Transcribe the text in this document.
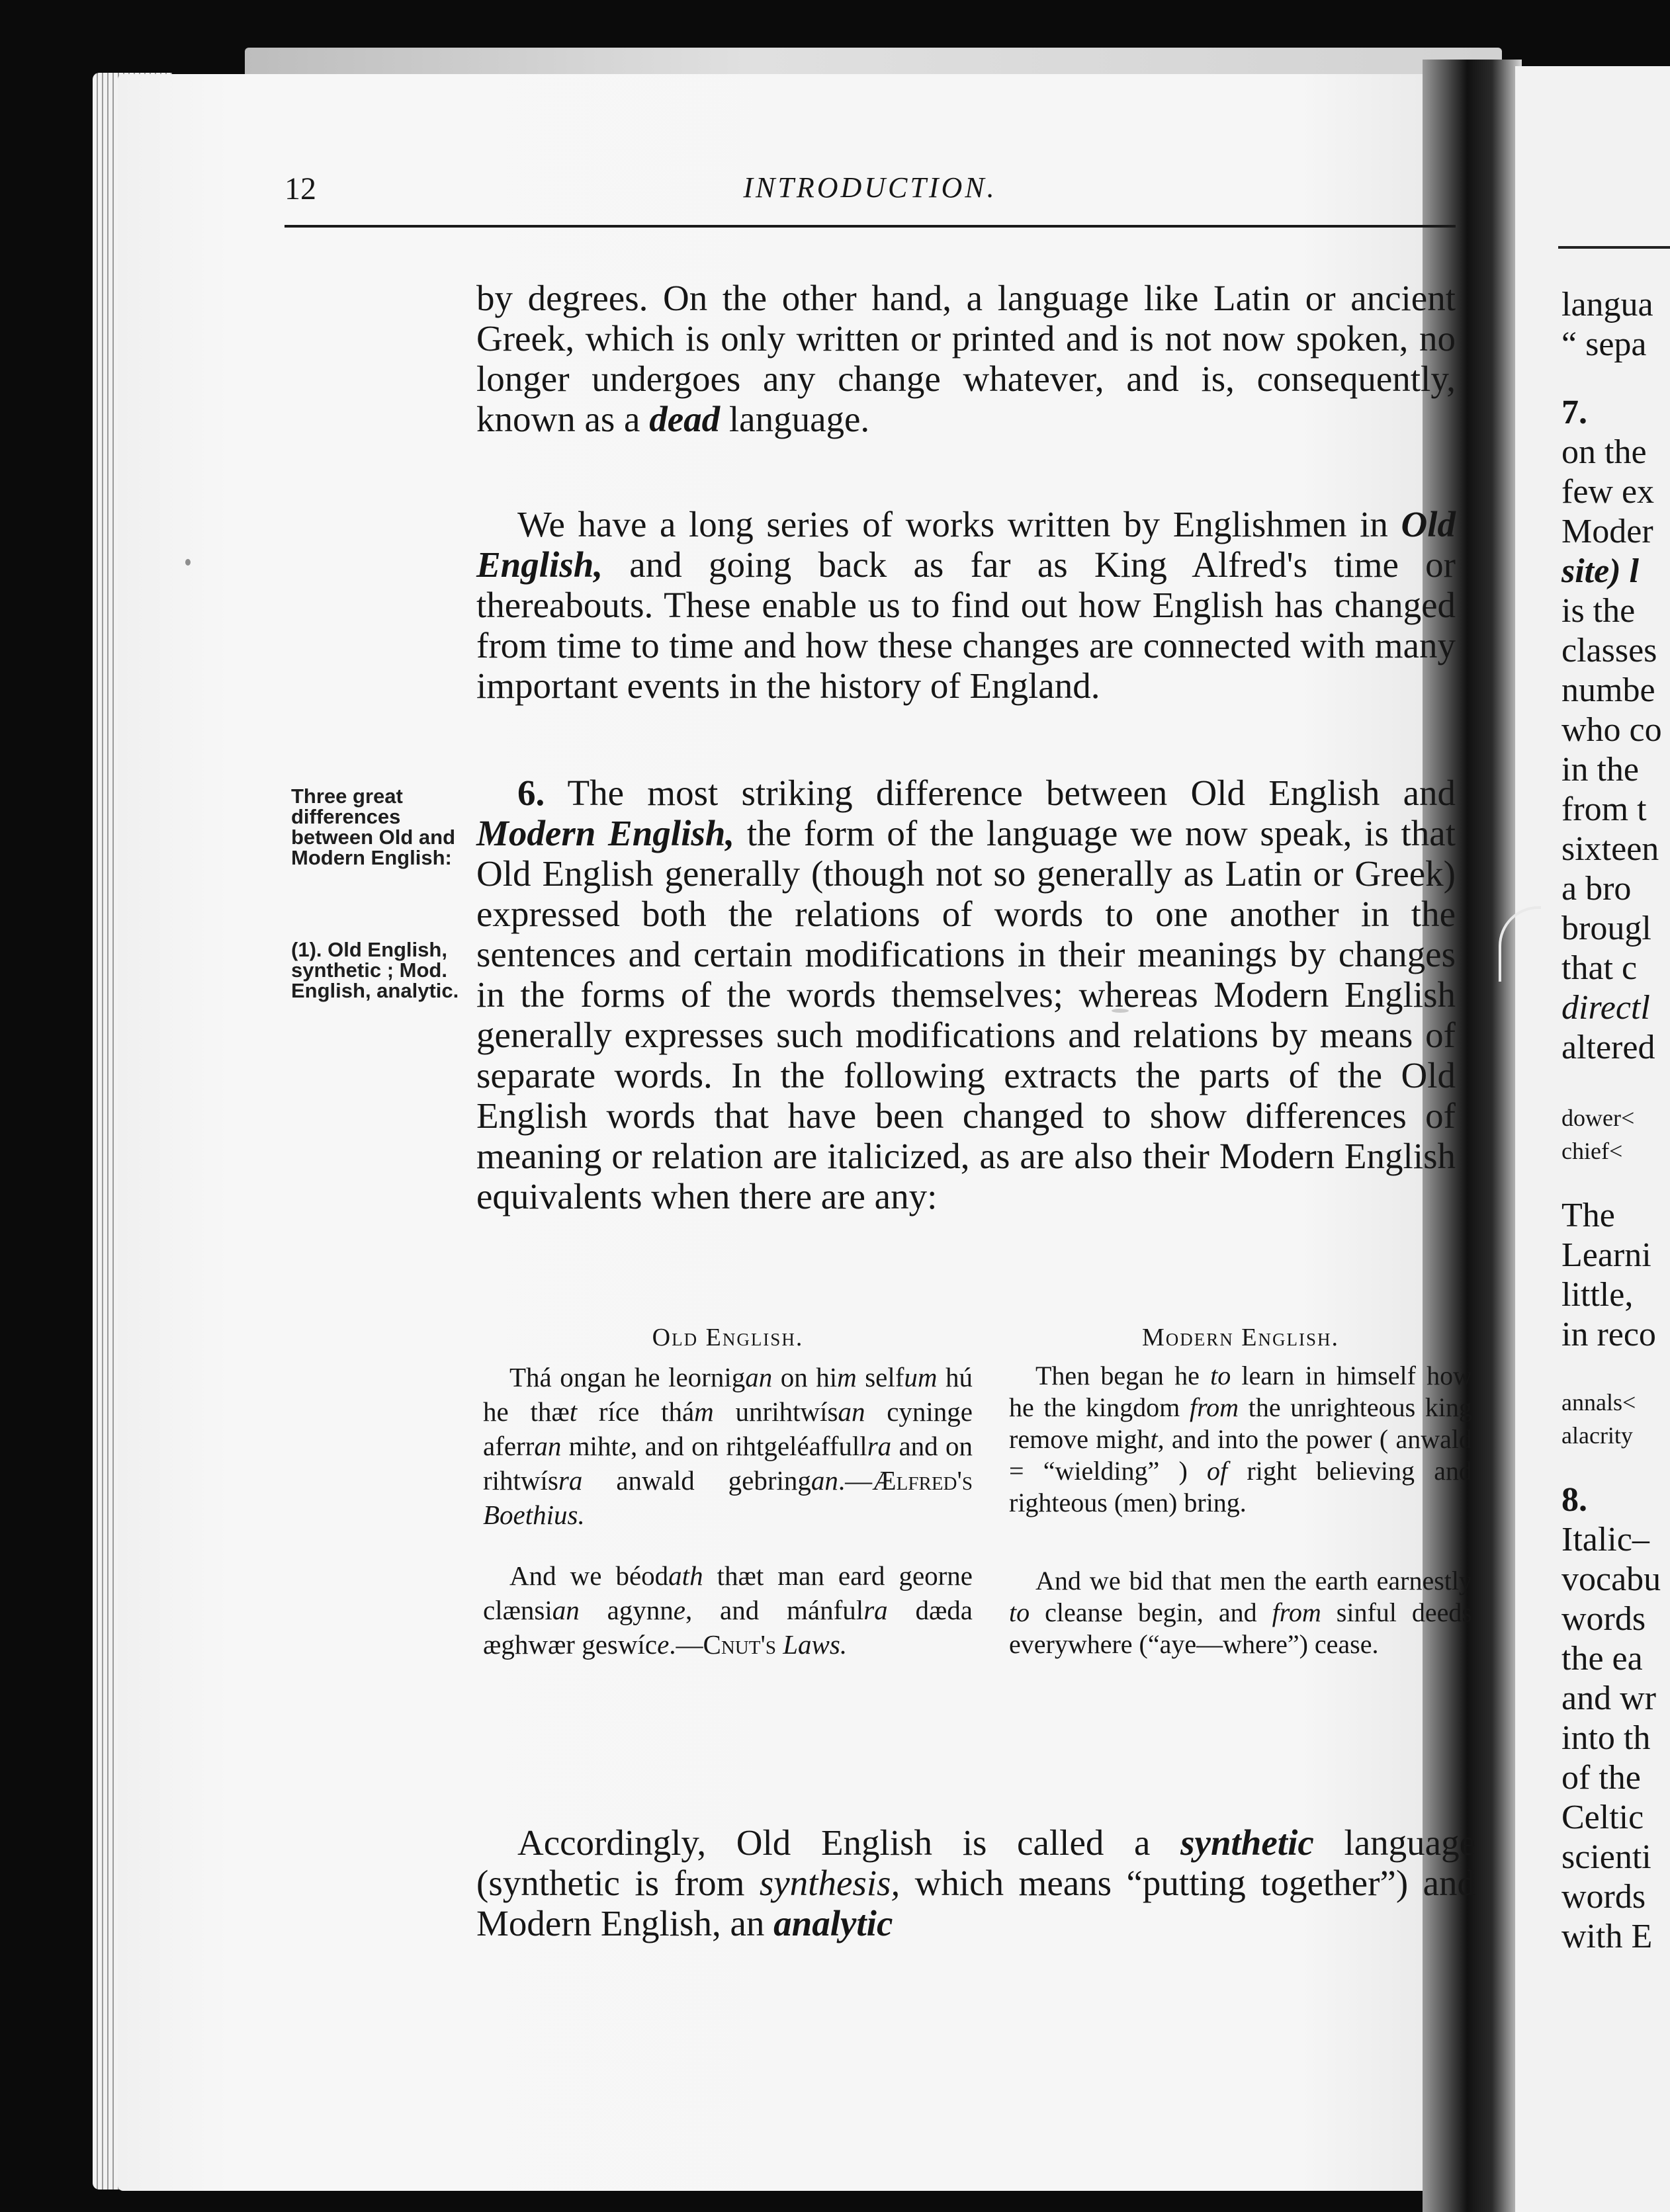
langua
“ sepa
7.
on the
few ex
Moder
site) l
is the
classes
numbe
who co
in the
from t
sixteen
a bro
brougl
that c
directl
altered
dower<
chief<
The
Learni
little,
in reco
annals<
alacrity
8.
Italic–
vocabu
words
the ea
and wr
into th
of the
Celtic
scienti
words
with E
12	INTRODUCTION.

by degrees. On the other hand, a language like Latin or ancient Greek, which is only written or printed and is not now spoken, no longer undergoes any change whatever, and is, consequently, known as a dead language.

We have a long series of works written by Englishmen in Old English, and going back as far as King Alfred's time or thereabouts. These enable us to find out how English has changed from time to time and how these changes are connected with many important events in the history of England.

Three great differences between Old and Modern English:

(1). Old English, synthetic ; Mod. English, analytic.

6. The most striking difference between Old English and Modern English, the form of the language we now speak, is that Old English generally (though not so generally as Latin or Greek) expressed both the relations of words to one another in the sentences and certain modifications in their meanings by changes in the forms of the words themselves; whereas Modern English generally expresses such modifications and relations by means of separate words. In the following extracts the parts of the Old English words that have been changed to show differences of meaning or relation are italicized, as are also their Modern English equivalents when there are any:

Old English.

Thá ongan he leornigan on him selfum hú he thæt ríce thám unrihtwísan cyninge aferran mihte, and on rihtgeléaffullra and on rihtwísra anwald gebringan.—Ælfred's Boethius.

And we béodath thæt man eard georne clænsian agynne, and mánfulra dæda æghwær geswíce.—Cnut's Laws.

Modern English.

Then began he to learn in himself how he the kingdom from the unrighteous king remove might, and into the power ( anwald = “wielding” ) of right believing and righteous (men) bring.

And we bid that men the earth earnestly to cleanse begin, and from sinful deeds everywhere (“aye—where”) cease.

Accordingly, Old English is called a synthetic language (synthetic is from synthesis, which means “putting together”) and Modern English, an analytic
